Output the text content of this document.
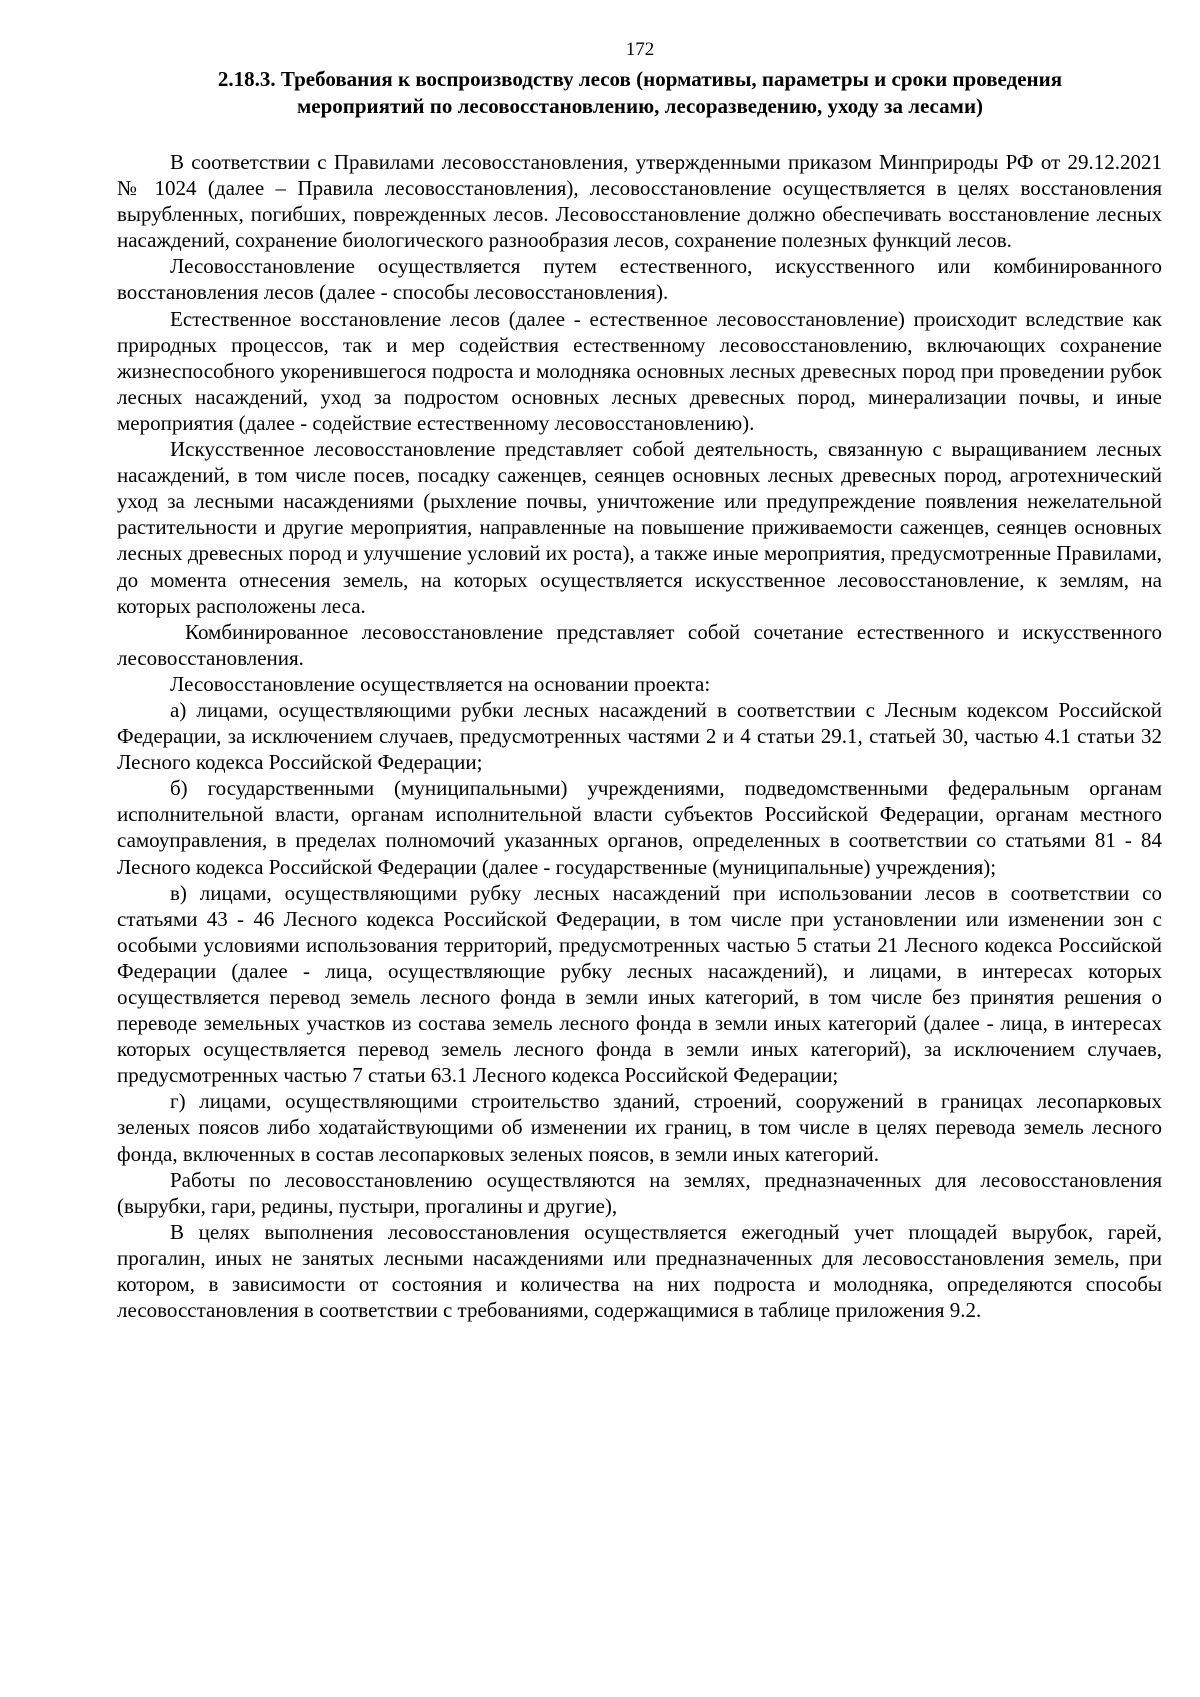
172
2.18.3. Требования к воспроизводству лесов (нормативы, параметры и сроки проведения
мероприятий по лесовосстановлению, лесоразведению, уходу за лесами)

В соответствии с Правилами лесовосстановления, утвержденными приказом Минприроды РФ от 29.12.2021 № 1024 (далее – Правила лесовосстановления), лесовосстановление осуществляется в целях восстановления вырубленных, погибших, поврежденных лесов. Лесовосстановление должно обеспечивать восстановление лесных насаждений, сохранение биологического разнообразия лесов, сохранение полезных функций лесов.

Лесовосстановление осуществляется путем естественного, искусственного или комбинированного восстановления лесов (далее - способы лесовосстановления).

Естественное восстановление лесов (далее - естественное лесовосстановление) происходит вследствие как природных процессов, так и мер содействия естественному лесовосстановлению, включающих сохранение жизнеспособного укоренившегося подроста и молодняка основных лесных древесных пород при проведении рубок лесных насаждений, уход за подростом основных лесных древесных пород, минерализации почвы, и иные мероприятия (далее - содействие естественному лесовосстановлению).

Искусственное лесовосстановление представляет собой деятельность, связанную с выращиванием лесных насаждений, в том числе посев, посадку саженцев, сеянцев основных лесных древесных пород, агротехнический уход за лесными насаждениями (рыхление почвы, уничтожение или предупреждение появления нежелательной растительности и другие мероприятия, направленные на повышение приживаемости саженцев, сеянцев основных лесных древесных пород и улучшение условий их роста), а также иные мероприятия, предусмотренные Правилами, до момента отнесения земель, на которых осуществляется искусственное лесовосстановление, к землям, на которых расположены леса.

Комбинированное лесовосстановление представляет собой сочетание естественного и искусственного лесовосстановления.

Лесовосстановление осуществляется на основании проекта:

а) лицами, осуществляющими рубки лесных насаждений в соответствии с Лесным кодексом Российской Федерации, за исключением случаев, предусмотренных частями 2 и 4 статьи 29.1, статьей 30, частью 4.1 статьи 32 Лесного кодекса Российской Федерации;

б) государственными (муниципальными) учреждениями, подведомственными федеральным органам исполнительной власти, органам исполнительной власти субъектов Российской Федерации, органам местного самоуправления, в пределах полномочий указанных органов, определенных в соответствии со статьями 81 - 84 Лесного кодекса Российской Федерации (далее - государственные (муниципальные) учреждения);

в) лицами, осуществляющими рубку лесных насаждений при использовании лесов в соответствии со статьями 43 - 46 Лесного кодекса Российской Федерации, в том числе при установлении или изменении зон с особыми условиями использования территорий, предусмотренных частью 5 статьи 21 Лесного кодекса Российской Федерации (далее - лица, осуществляющие рубку лесных насаждений), и лицами, в интересах которых осуществляется перевод земель лесного фонда в земли иных категорий, в том числе без принятия решения о переводе земельных участков из состава земель лесного фонда в земли иных категорий (далее - лица, в интересах которых осуществляется перевод земель лесного фонда в земли иных категорий), за исключением случаев, предусмотренных частью 7 статьи 63.1 Лесного кодекса Российской Федерации;

г) лицами, осуществляющими строительство зданий, строений, сооружений в границах лесопарковых зеленых поясов либо ходатайствующими об изменении их границ, в том числе в целях перевода земель лесного фонда, включенных в состав лесопарковых зеленых поясов, в земли иных категорий.

Работы по лесовосстановлению осуществляются на землях, предназначенных для лесовосстановления (вырубки, гари, редины, пустыри, прогалины и другие),

В целях выполнения лесовосстановления осуществляется ежегодный учет площадей вырубок, гарей, прогалин, иных не занятых лесными насаждениями или предназначенных для лесовосстановления земель, при котором, в зависимости от состояния и количества на них подроста и молодняка, определяются способы лесовосстановления в соответствии с требованиями, содержащимися в таблице приложения 9.2.
